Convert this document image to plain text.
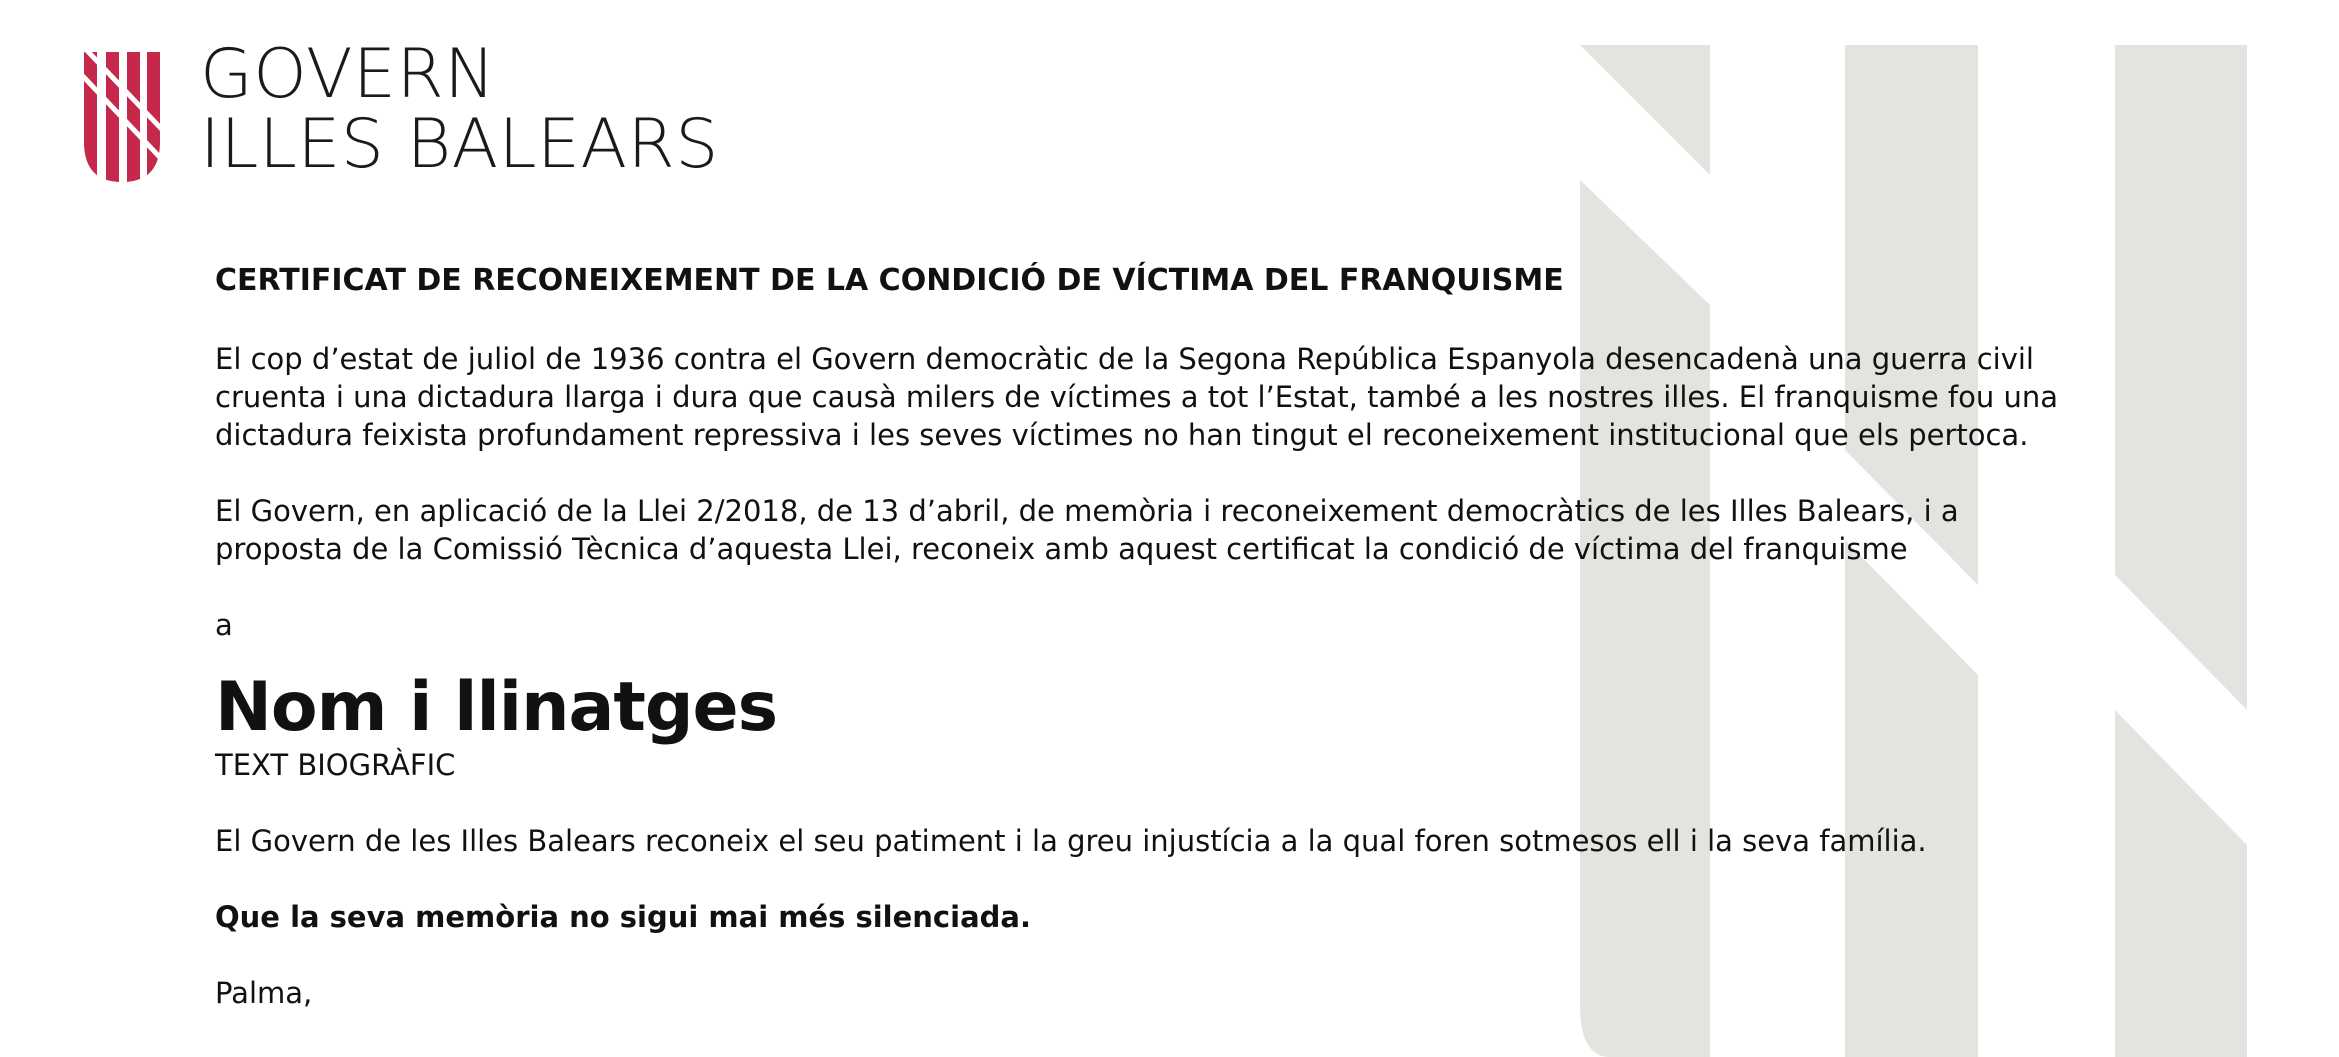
GOVERN
ILLES BALEARS
CERTIFICAT DE RECONEIXEMENT DE LA CONDICIÓ DE VÍCTIMA DEL FRANQUISME
El cop d’estat de juliol de 1936 contra el Govern democràtic de la Segona República Espanyola desencadenà una guerra civil cruenta i una dictadura llarga i dura que causà milers de víctimes a tot l’Estat, també a les nostres illes. El franquisme fou una dictadura feixista profundament repressiva i les seves víctimes no han tingut el reconeixement institucional que els pertoca.
El Govern, en aplicació de la Llei 2/2018, de 13 d’abril, de memòria i reconeixement democràtics de les Illes Balears, i a proposta de la Comissió Tècnica d’aquesta Llei, reconeix amb aquest certificat la condició de víctima del franquisme
a
Nom i llinatges
TEXT BIOGRÀFIC
El Govern de les Illes Balears reconeix el seu patiment i la greu injustícia a la qual foren sotmesos ell i la seva família.
Que la seva memòria no sigui mai més silenciada.
Palma,
